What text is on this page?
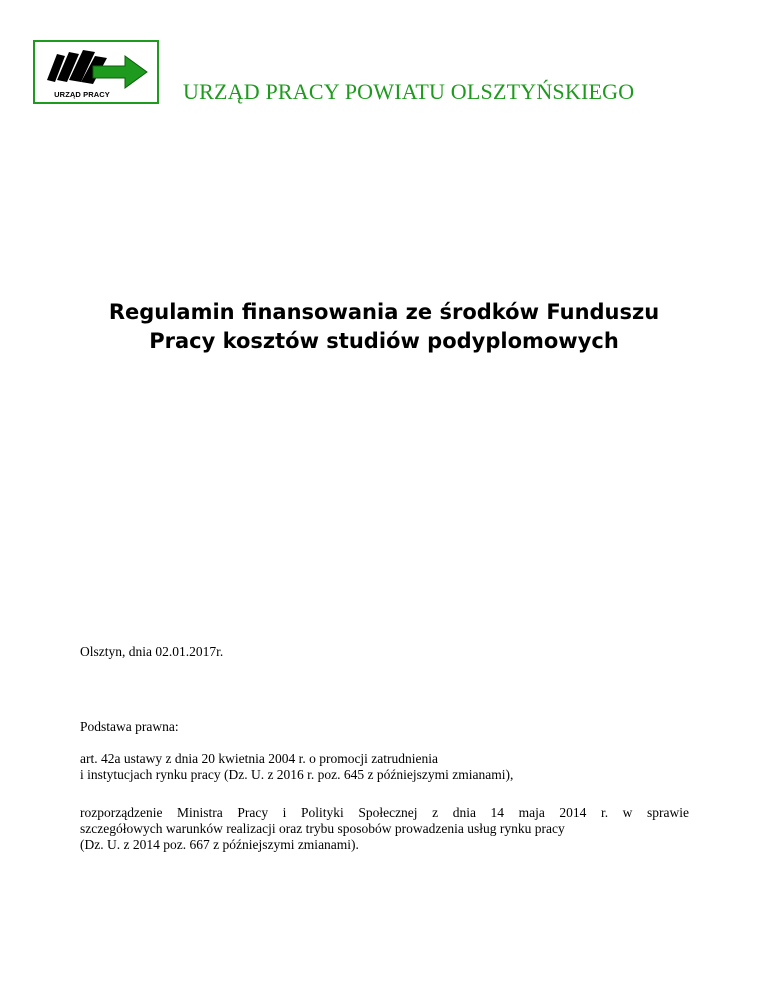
URZĄD PRACY	URZĄD PRACY POWIATU OLSZTYŃSKIEGO
Regulamin finansowania ze środków Funduszu
Pracy kosztów studiów podyplomowych
Olsztyn, dnia 02.01.2017r.
Podstawa prawna:
art. 42a ustawy z dnia 20 kwietnia 2004 r. o promocji zatrudnienia
i instytucjach rynku pracy (Dz. U. z 2016 r. poz. 645 z późniejszymi zmianami),
rozporządzenie Ministra Pracy i Polityki Społecznej z dnia 14 maja 2014 r. w sprawie
szczegółowych warunków realizacji oraz trybu sposobów prowadzenia usług rynku pracy
(Dz. U. z 2014 poz. 667 z późniejszymi zmianami).
